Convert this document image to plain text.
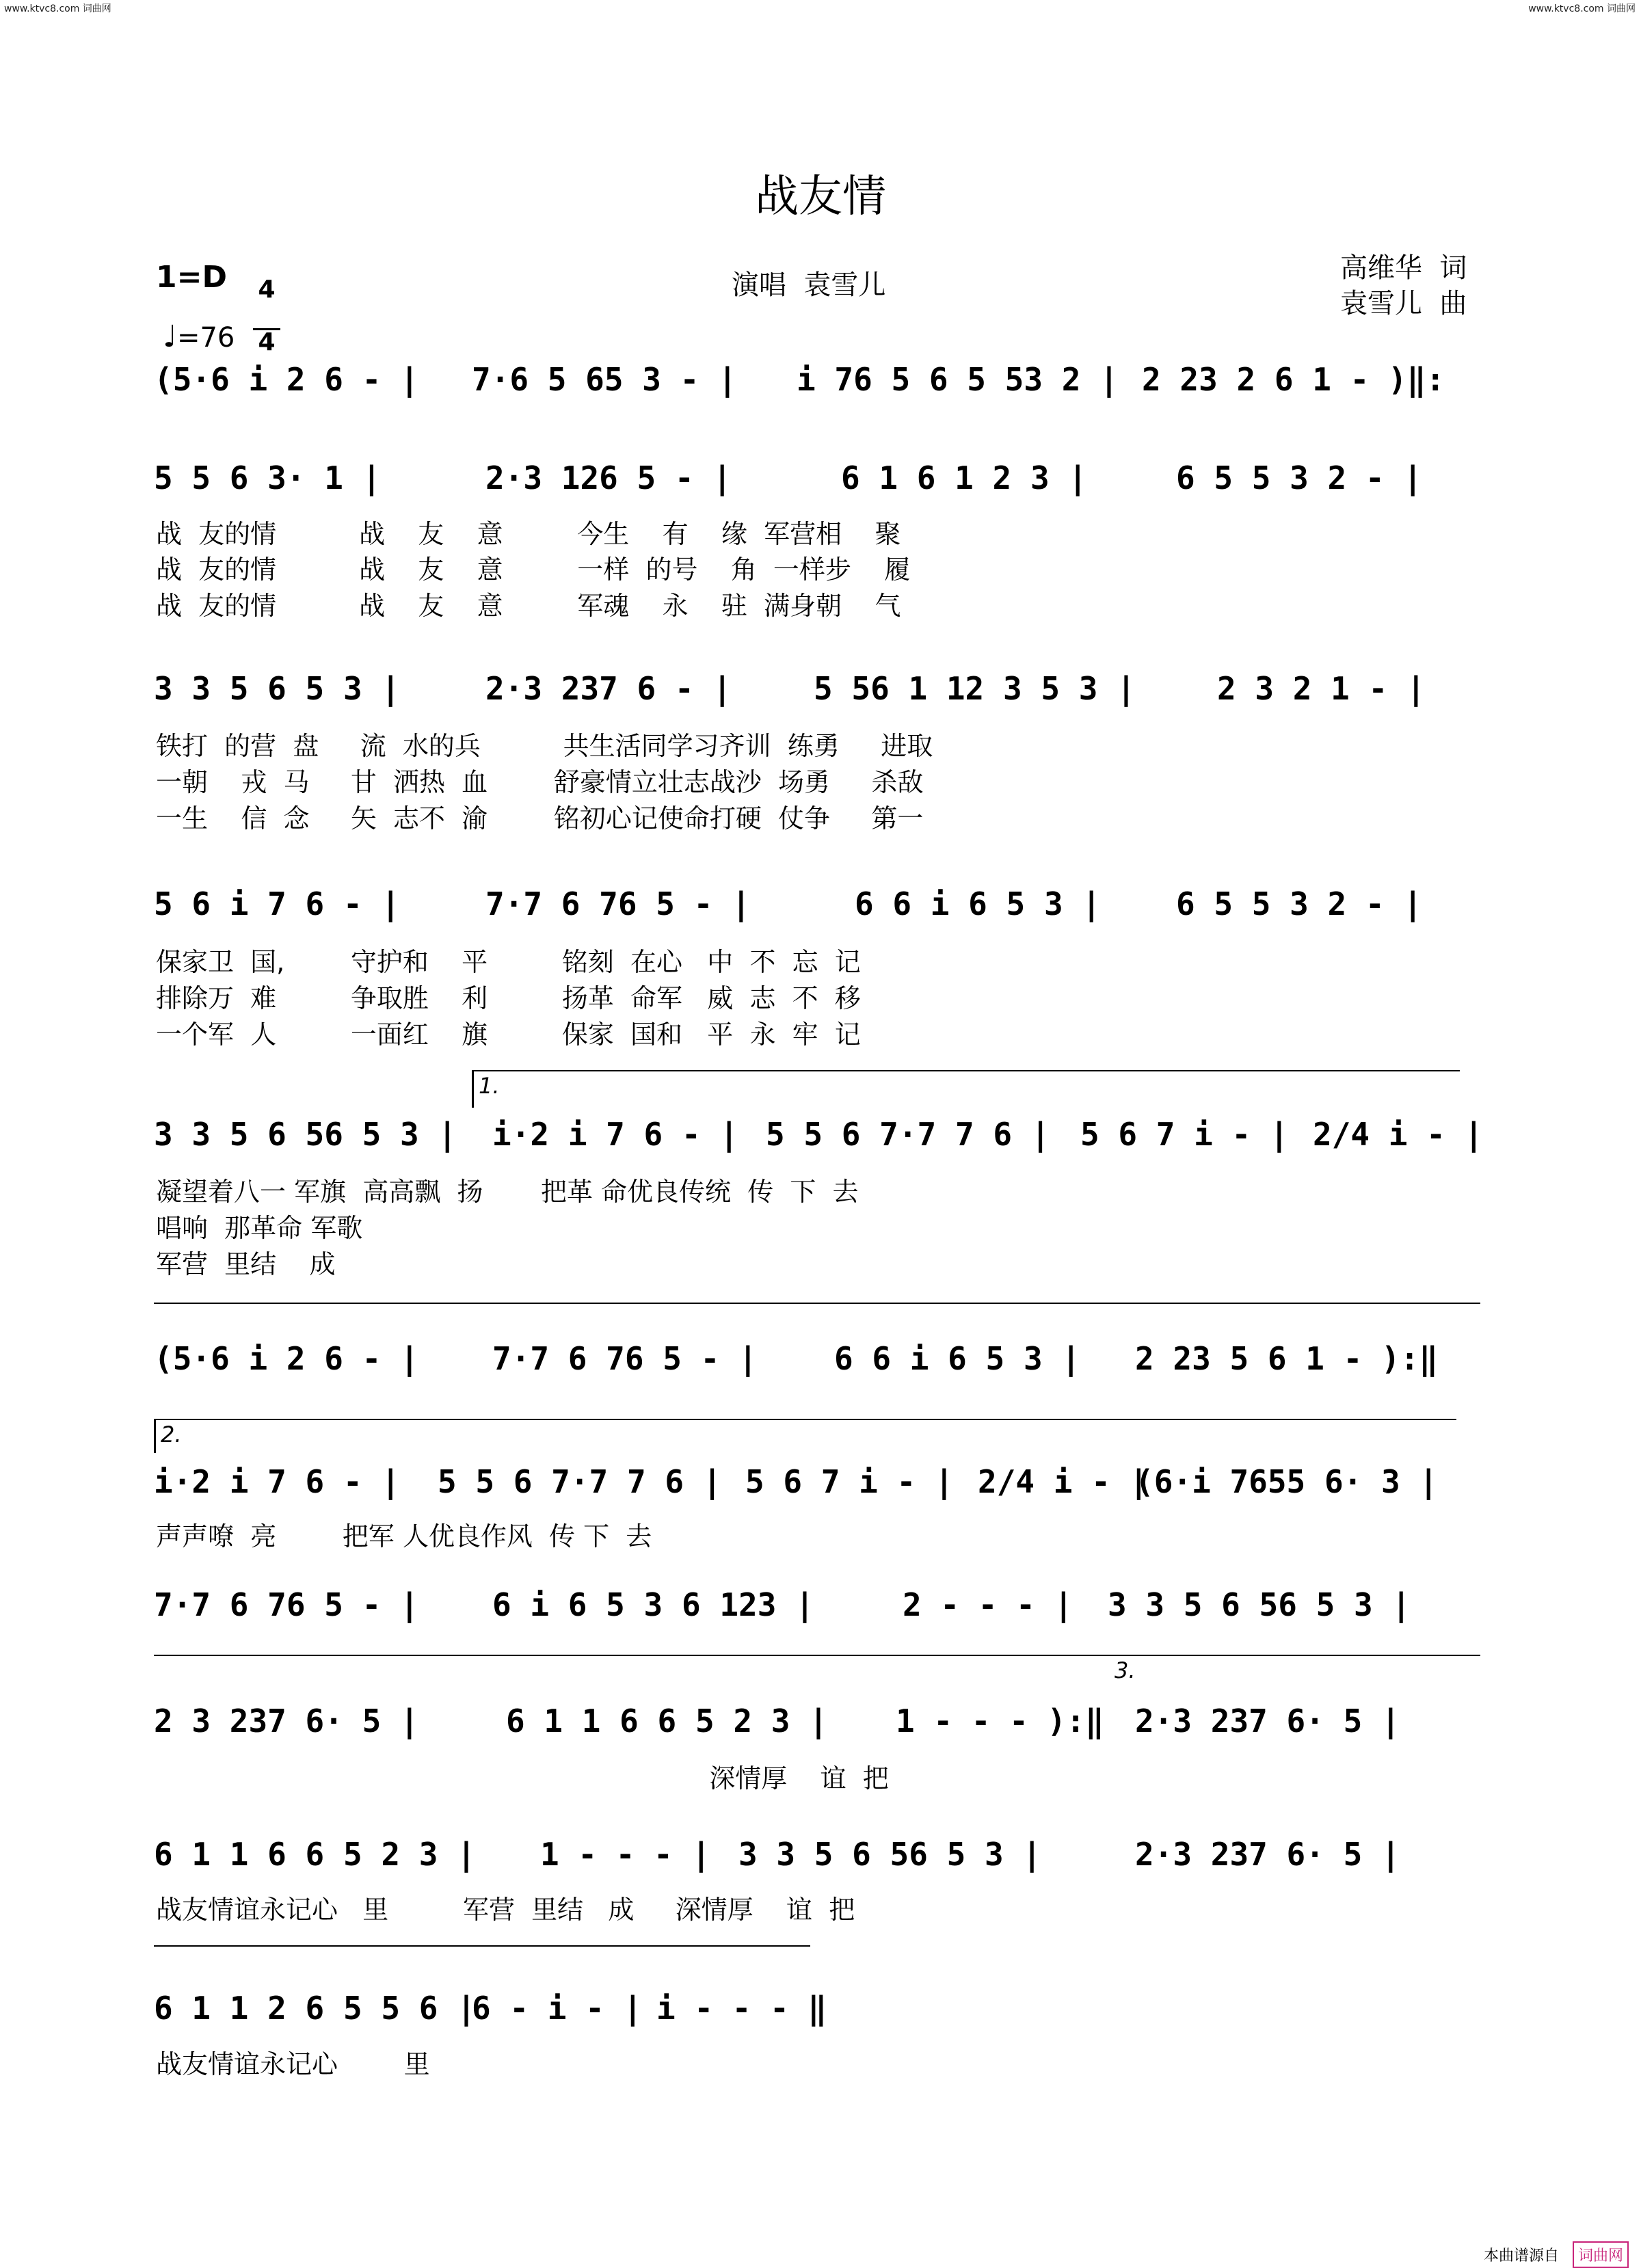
www.ktvc8.com 词曲网	www.ktvc8.com 词曲网
战友情
1=D

$\frac{4}{4}$

♩=76

演唱  袁雪儿
高维华  词
袁雪儿  曲
(5·6 i 2 6 - | 7·6 5 65 3 - | i 76 5 6 5 53 2 | 2 23 2 6 1 - )‖:
5 5 6 3· 1 |	2·3 126 5 - |	6 1 6 1 2 3 |	6 5 5 3 2 - |
战  友的情          战    友    意         今生    有    缘  军营相    聚
战  友的情          战    友    意         一样  的号    角  一样步    履
战  友的情          战    友    意         军魂    永    驻  满身朝    气
3 3 5 6 5 3 |	2·3 237 6 - |	5 56 1 12 3 5 3 |	2 3 2 1 - |
铁打  的营  盘     流  水的兵          共生活同学习齐训  练勇     进取
一朝    戎  马     甘  洒热  血        舒豪情立壮志战沙  场勇     杀敌
一生    信  念     矢  志不  渝        铭初心记使命打硬  仗争     第一
5 6 i 7 6 - |	7·7 6 76 5 - |	6 6 i 6 5 3 | 6 5 5 3 2 - |
保家卫  国,        守护和    平         铭刻  在心   中  不  忘  记
排除万  难         争取胜    利         扬革  命军   威  志  不  移
一个军  人         一面红    旗         保家  国和   平  永  牢  记
3 3 5 6 56 5 3 | i·2 i 7 6 - | 5 5 6 7·7 7 6 | 5 6 7 i - | 2/4 i - |
凝望着八一 军旗  高高飘  扬       把革 命优良传统  传  下  去
唱响  那革命 军歌
军营  里结    成
(5·6 i 2 6 - | 7·7 6 76 5 - | 6 6 i 6 5 3 | 2 23 5 6 1 - ):‖
i·2 i 7 6 - | 5 5 6 7·7 7 6 | 5 6 7 i - | 2/4 i - |
(6·i 7655 6· 3 |
声声嘹  亮        把军 人优良作风  传 下  去
7·7 6 76 5 - | 6 i 6 5 3 6 123 |	2 - - - | 3 3 5 6 56 5 3 |
2 3 237 6· 5 |	6 1 1 6 6 5 2 3 | 1 - - - ):‖ 2·3 237 6· 5 |
深情厚    谊  把
6 1 1 6 6 5 2 3 | 1 - - - | 3 3 5 6 56 5 3 |	2·3 237 6· 5 |
战友情谊永记心   里         军营  里结   成     深情厚    谊  把
6 1 1 2 6 5 5 6 |
6 - i - | i - - - ‖
战友情谊永记心        里
本曲谱源自	词曲网
1.
2.
3.
